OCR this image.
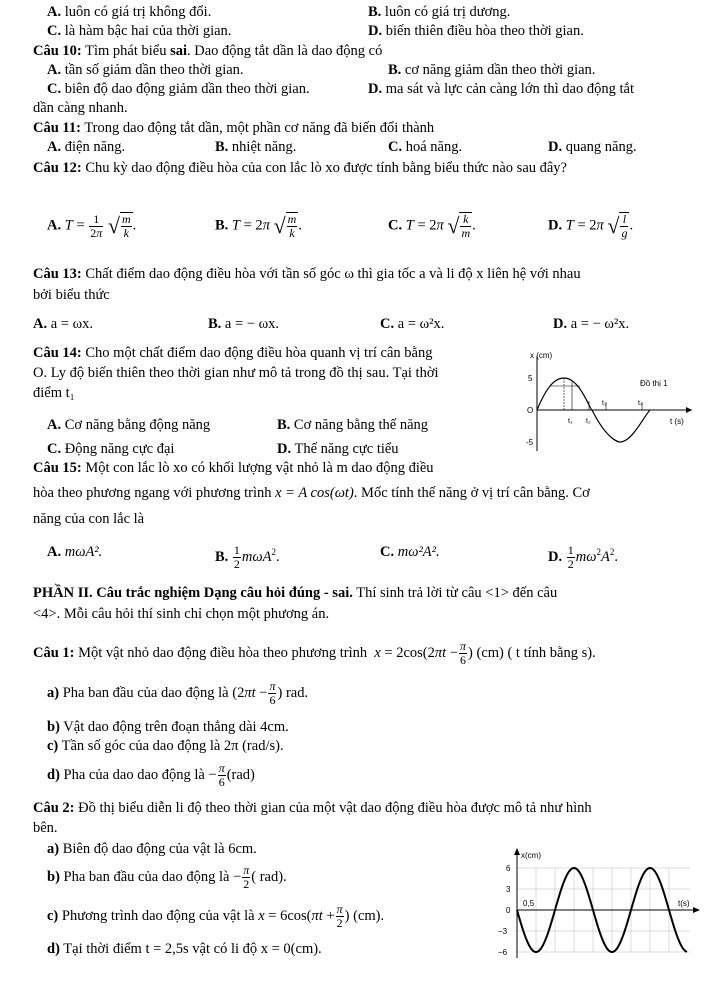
A. luôn có giá trị không đổi.	B. luôn có giá trị dương.
C. là hàm bậc hai của thời gian.	D. biến thiên điều hòa theo thời gian.
Câu 10: Tìm phát biểu sai. Dao động tắt dần là dao động có
A. tần số giảm dần theo thời gian.	B. cơ năng giảm dần theo thời gian.
C. biên độ dao động giảm dần theo thời gian.	D. ma sát và lực cản càng lớn thì dao động tắt
dần càng nhanh.
Câu 11: Trong dao động tắt dần, một phần cơ năng đã biến đổi thành
A. điện năng.	B. nhiệt năng.	C. hoá năng.	D. quang năng.
Câu 12: Chu kỳ dao động điều hòa của con lắc lò xo được tính bằng biểu thức nào sau đây?
A. $T = \frac{1}{2\pi}$ √ $\frac{m}{k}$ .	B. T = 2π √ $\frac{m}{k}$ .	C. T = 2π √ $\frac{k}{m}$ .	D. T = 2π √ $\frac{l}{g}$ .
Câu 13: Chất điểm dao động điều hòa với tần số góc ω thì gia tốc a và li độ x liên hệ với nhau
bởi biểu thức
A. a = ωx.	B. a = − ωx.	C. a = ω²x.	D. a = − ω²x.
Câu 14: Cho một chất điểm dao động điều hòa quanh vị trí cân bằng
O. Ly độ biến thiên theo thời gian như mô tả trong đồ thị sau. Tại thời
điểm t₁
A. Cơ năng bằng động năng	B. Cơ năng bằng thế năng
C. Động năng cực đại	D. Thế năng cực tiểu
x (cm)
5
O
-5
Đồ thị 1
t (s)
t₁ t₂
t₃	t₄
Câu 15: Một con lắc lò xo có khối lượng vật nhỏ là m dao động điều
hòa theo phương ngang với phương trình x = A cos(ωt). Mốc tính thế năng ở vị trí cân bằng. Cơ
năng của con lắc là
A. mωA².	B. $\frac{1}{2} m\omega A^2$.	C. mω²A².	D. $\frac{1}{2} m\omega^2A^2$.
PHẦN II. Câu trắc nghiệm Dạng câu hỏi đúng - sai. Thí sinh trả lời từ câu <1> đến câu
<4>. Mỗi câu hỏi thí sinh chỉ chọn một phương án.
Câu 1: Một vật nhỏ dao động điều hòa theo phương trình $x = 2\cos(2\pi t - \frac{\pi}{6}$ ) (cm) ( t tính bằng s).
a) Pha ban đầu của dao động là ($2\pi t - \frac{\pi}{6}$ ) rad.
b) Vật dao động trên đoạn thẳng dài 4cm.
c) Tần số góc của dao động là 2π (rad/s).
d) Pha của dao dao động là − $\frac{\pi}{6} (rad)$
Câu 2: Đồ thị biểu diễn li độ theo thời gian của một vật dao động điều hòa được mô tả như hình
bên.
a) Biên độ dao động của vật là 6cm.
b) Pha ban đầu của dao động là − $\frac{\pi}{2}$ ( rad).
c) Phương trình dao động của vật là $x = 6\cos(\pi t + \frac{\pi}{2}$ ) (cm).
d) Tại thời điểm t = 2,5s vật có li độ x = 0(cm).
x(cm)
t(s)
6
3
0
−3
−6
0,5
